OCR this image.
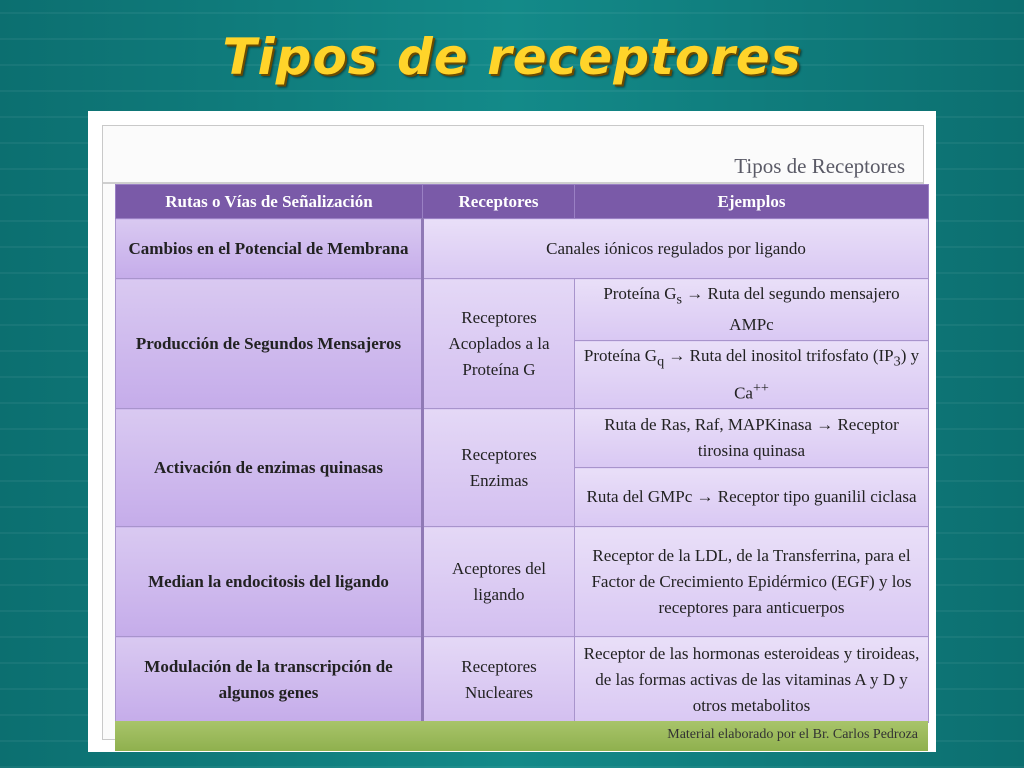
Tipos de receptores
Tipos de Receptores
Rutas o Vías de Señalización	Receptores	Ejemplos
Cambios en el Potencial de Membrana	Canales iónicos regulados por ligando	
Producción de Segundos Mensajeros	Receptores Acoplados a la Proteína G	Proteína $G_s$ → Ruta del segundo mensajero AMPc
		Proteína $G_q$ → Ruta del inositol trifosfato $(IP_3)$ y Ca++
Activación de enzimas quinasas	Receptores Enzimas	Ruta de Ras, Raf, MAPKinasa → Receptor tirosina quinasa
		Ruta del GMPc → Receptor tipo guanilil ciclasa
Median la endocitosis del ligando	Aceptores del ligando	Receptor de la LDL, de la Transferrina, para el Factor de Crecimiento Epidérmico (EGF) y los receptores para anticuerpos
Modulación de la transcripción de algunos genes	Receptores Nucleares	Receptor de las hormonas esteroideas y tiroideas, de las formas activas de las vitaminas A y D y otros metabolitos
Material elaborado por el Br. Carlos Pedroza
